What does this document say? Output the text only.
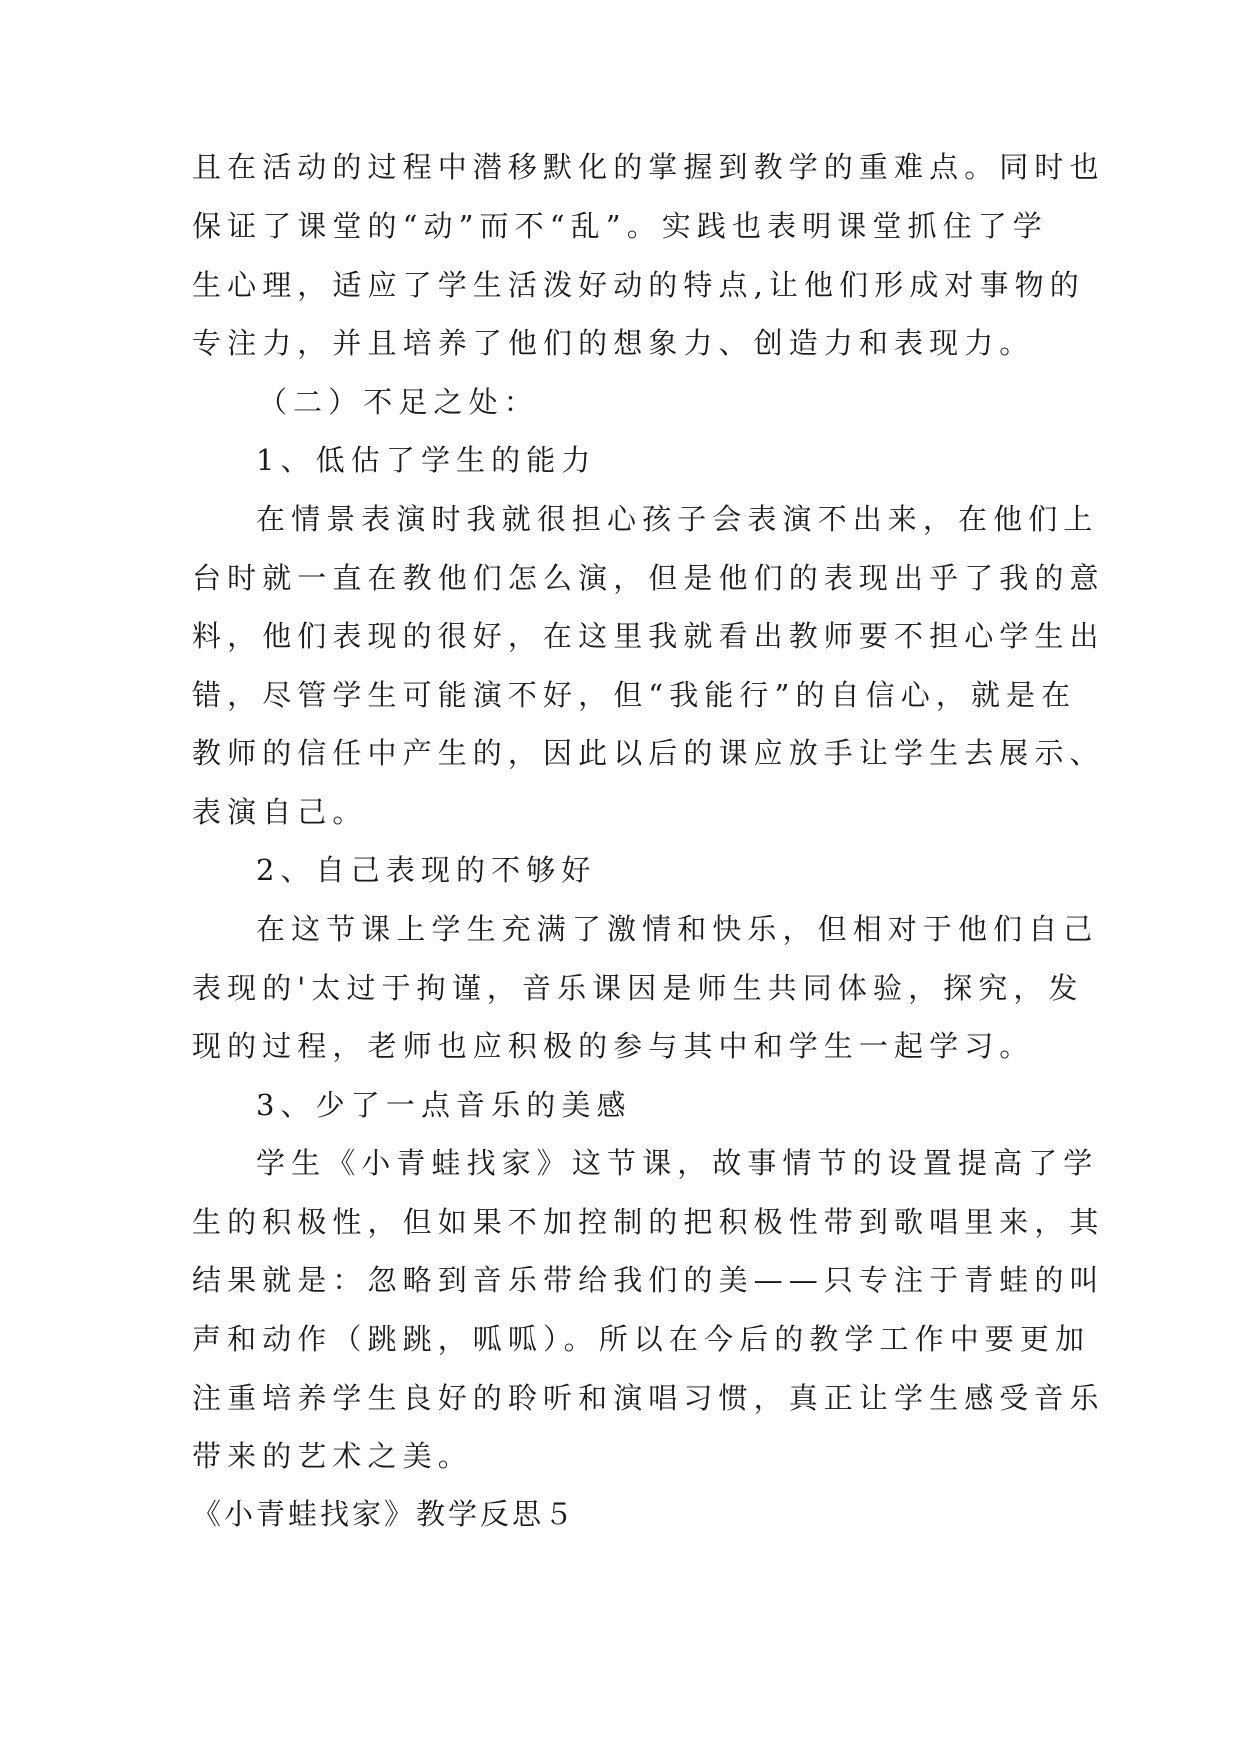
且在活动的过程中潜移默化的掌握到教学的重难点。同时也
保证了课堂的“动”而不“乱”。实践也表明课堂抓住了学
生心理，适应了学生活泼好动的特点,让他们形成对事物的
专注力，并且培养了他们的想象力、创造力和表现力。
（二）不足之处：
1、低估了学生的能力
在情景表演时我就很担心孩子会表演不出来，在他们上
台时就一直在教他们怎么演，但是他们的表现出乎了我的意
料，他们表现的很好，在这里我就看出教师要不担心学生出
错，尽管学生可能演不好，但“我能行”的自信心，就是在
教师的信任中产生的，因此以后的课应放手让学生去展示、
表演自己。
2、自己表现的不够好
在这节课上学生充满了激情和快乐，但相对于他们自己
表现的'太过于拘谨，音乐课因是师生共同体验，探究，发
现的过程，老师也应积极的参与其中和学生一起学习。
3、少了一点音乐的美感
学生《小青蛙找家》这节课，故事情节的设置提高了学
生的积极性，但如果不加控制的把积极性带到歌唱里来，其
结果就是：忽略到音乐带给我们的美——只专注于青蛙的叫
声和动作（跳跳，呱呱）。所以在今后的教学工作中要更加
注重培养学生良好的聆听和演唱习惯，真正让学生感受音乐
带来的艺术之美。
《小青蛙找家》教学反思５
